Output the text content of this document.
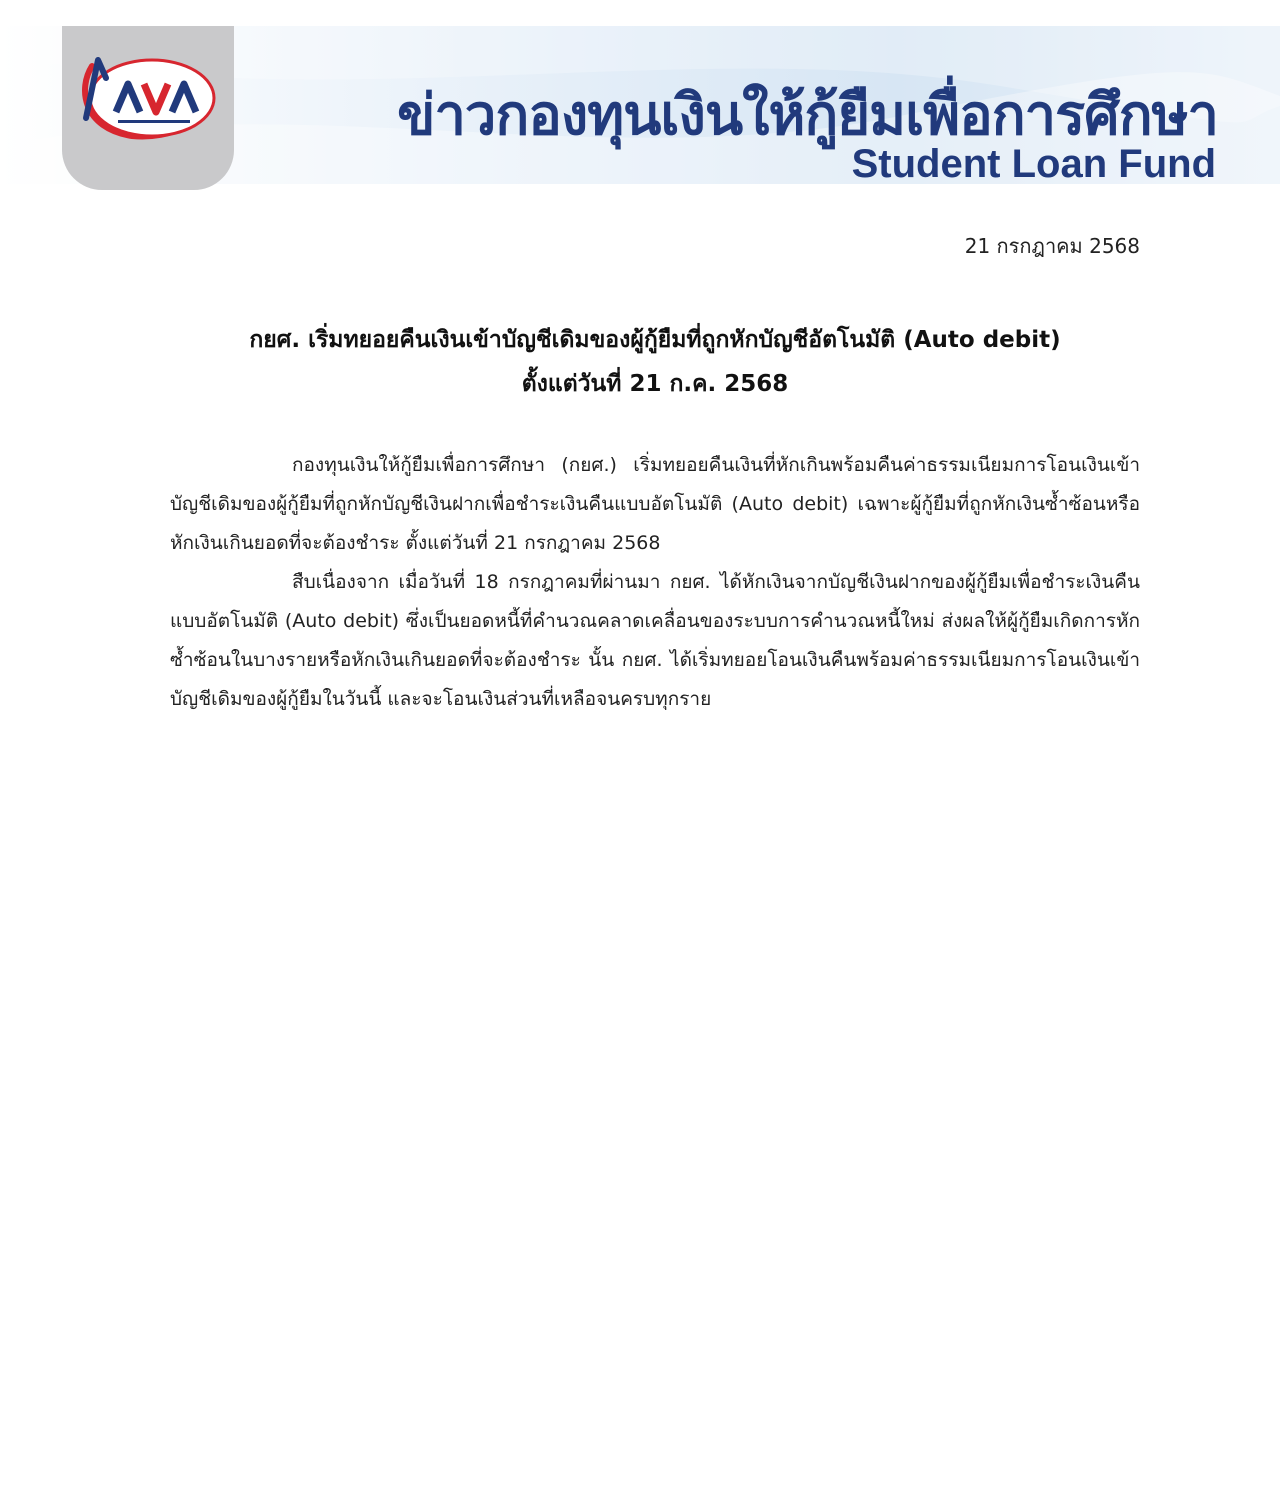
ข่าวกองทุนเงินให้กู้ยืมเพื่อการศึกษา
Student Loan Fund
21 กรกฎาคม 2568
กยศ. เริ่มทยอยคืนเงินเข้าบัญชีเดิมของผู้กู้ยืมที่ถูกหักบัญชีอัตโนมัติ (Auto debit)
ตั้งแต่วันที่ 21 ก.ค. 2568

กองทุนเงินให้กู้ยืมเพื่อการศึกษา (กยศ.) เริ่มทยอยคืนเงินที่หักเกินพร้อมคืนค่าธรรมเนียมการโอนเงินเข้าบัญชีเดิมของผู้กู้ยืมที่ถูกหักบัญชีเงินฝากเพื่อชำระเงินคืนแบบอัตโนมัติ (Auto debit) เฉพาะผู้กู้ยืมที่ถูกหักเงินซ้ำซ้อนหรือหักเงินเกินยอดที่จะต้องชำระ ตั้งแต่วันที่ 21 กรกฎาคม 2568

สืบเนื่องจาก เมื่อวันที่ 18 กรกฎาคมที่ผ่านมา กยศ. ได้หักเงินจากบัญชีเงินฝากของผู้กู้ยืมเพื่อชำระเงินคืนแบบอัตโนมัติ (Auto debit) ซึ่งเป็นยอดหนี้ที่คำนวณคลาดเคลื่อนของระบบการคำนวณหนี้ใหม่ ส่งผลให้ผู้กู้ยืมเกิดการหักซ้ำซ้อนในบางรายหรือหักเงินเกินยอดที่จะต้องชำระ นั้น กยศ. ได้เริ่มทยอยโอนเงินคืนพร้อมค่าธรรมเนียมการโอนเงินเข้าบัญชีเดิมของผู้กู้ยืมในวันนี้ และจะโอนเงินส่วนที่เหลือจนครบทุกราย
